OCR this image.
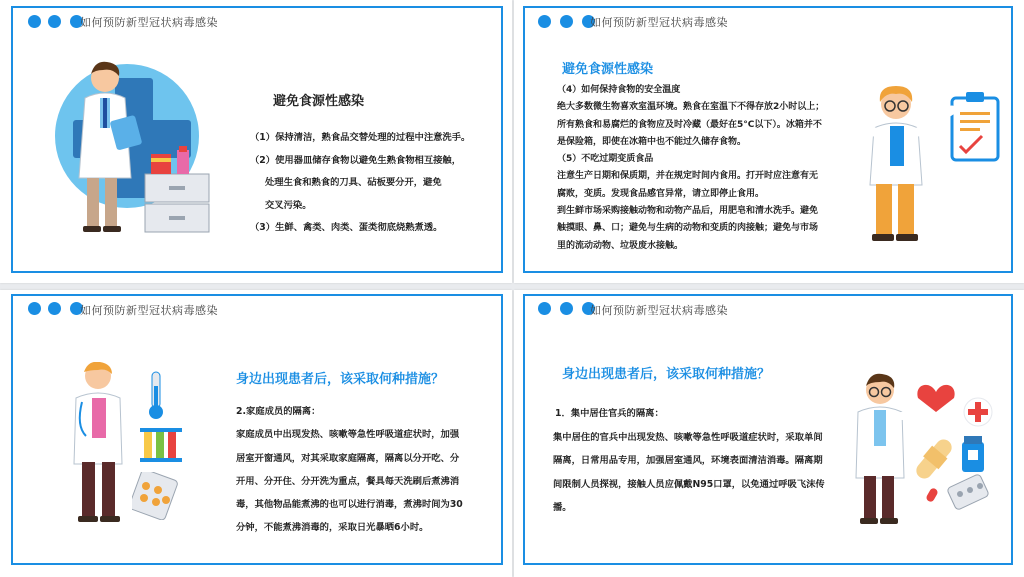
如何预防新型冠状病毒感染
避免食源性感染
（1）保持清洁，熟食品交替处理的过程中注意洗手。
（2）使用器皿储存食物以避免生熟食物相互接触，
处理生食和熟食的刀具、砧板要分开，避免
交叉污染。
（3）生鲜、禽类、肉类、蛋类彻底烧熟煮透。
如何预防新型冠状病毒感染
避免食源性感染
（4）如何保持食物的安全温度
绝大多数微生物喜欢室温环境。熟食在室温下不得存放2小时以上；
所有熟食和易腐烂的食物应及时冷藏（最好在5°C以下）。冰箱并不
是保险箱，即使在冰箱中也不能过久储存食物。
（5）不吃过期变质食品
注意生产日期和保质期，并在规定时间内食用。打开时应注意有无
腐败，变质。发现食品感官异常，请立即停止食用。
到生鲜市场采购接触动物和动物产品后，用肥皂和清水洗手。避免
触摸眼、鼻、口；避免与生病的动物和变质的肉接触；避免与市场
里的流动动物、垃圾废水接触。
如何预防新型冠状病毒感染
身边出现患者后，该采取何种措施？
2.家庭成员的隔离：
家庭成员中出现发热、咳嗽等急性呼吸道症状时，加强
居室开窗通风，对其采取家庭隔离，隔离以分开吃、分
开用、分开住、分开洗为重点，餐具每天洗刷后煮沸消
毒，其他物品能煮沸的也可以进行消毒，煮沸时间为30
分钟，不能煮沸消毒的，采取日光暴晒6小时。
如何预防新型冠状病毒感染
身边出现患者后，该采取何种措施？
1．集中居住官兵的隔离：
集中居住的官兵中出现发热、咳嗽等急性呼吸道症状时，采取单间
隔离，日常用品专用，加强居室通风，环境表面清洁消毒。隔离期
间限制人员探视，接触人员应佩戴N95口罩，以免通过呼吸飞沫传
播。
